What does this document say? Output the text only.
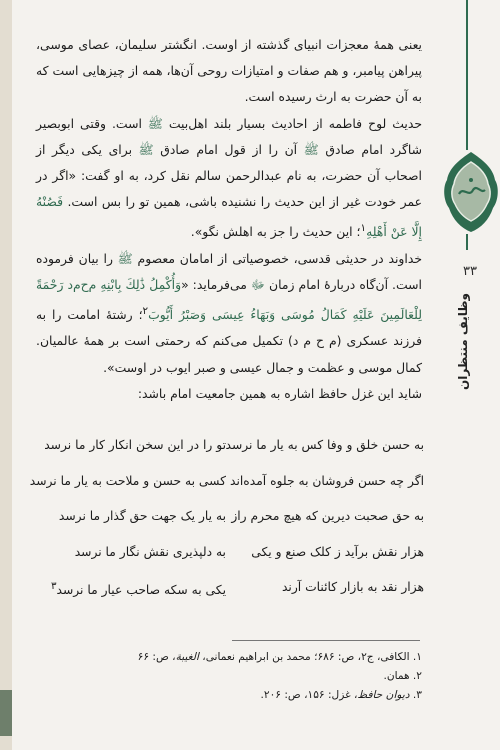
یعنی همهٔ معجزات انبیای گذشته از اوست. انگشتر سلیمان، عصای موسی، پیراهن پیامبر، و هم صفات و امتیازات روحی آن‌ها، همه از چیزهایی است که به آن حضرت به ارث رسیده است.

حدیث لوح فاطمه از احادیث بسیار بلند اهل‌بیت ﷺ است. وقتی ابوبصیر شاگرد امام صادق ﷺ آن را از قول امام صادق ﷺ برای یکی دیگر از اصحاب آن حضرت، به نام عبدالرحمن سالم نقل کرد، به او گفت: «اگر در عمر خودت غیر از این حدیث را نشنیده باشی، همین تو را بس است. فَصُنْهُ إِلَّا عَنْ أَهْلِهِ$^۱$؛ این حدیث را جز به اهلش نگو».

خداوند در حدیثی قدسی، خصوصیاتی از امامان معصوم ﷺ را بیان فرموده است. آن‌گاه دربارهٔ امام زمان ﷻ می‌فرماید: «وَأُكْمِلُ ذَٰلِكَ بِابْنِهِ م‌ح‌م‌د رَحْمَةً لِلْعَالَمِينَ عَلَيْهِ كَمَالُ مُوسَى وَبَهَاءُ عِيسَى وَصَبْرُ أَيُّوبَ$^۲$؛ رشتهٔ امامت را به فرزند عسکری (م ح م د) تکمیل می‌کنم که رحمتی است بر همهٔ عالمیان. کمال موسی و عظمت و جمال عیسی و صبر ایوب در اوست».

شاید این غزل حافظ اشاره به همین جامعیت امام باشد:

به حسن خلق و وفا کس به یار ما نرسد
تو را در این سخن انکار کار ما نرسد
اگر چه حسن فروشان به جلوه آمده‌اند
کسی به حسن و ملاحت به یار ما نرسد
به حق صحبت دیرین که هیچ محرم راز
به یار یک جهت حق گذار ما نرسد
هزار نقش برآید ز کلک صنع و یکی
به دلپذیری نقش نگار ما نرسد
هزار نقد به بازار کائنات آرند
یکی به سکه صاحب عیار ما نرسد$^۳$

۱. الکافی، ج۲، ص: ۶۸۶؛ محمد بن ابراهیم نعمانی، الغیبة، ص: ۶۶

۲. همان.

۳. دیوان حافظ، غزل: ۱۵۶، ص: ۲۰۶.

۳۳
وظایف منتظران
